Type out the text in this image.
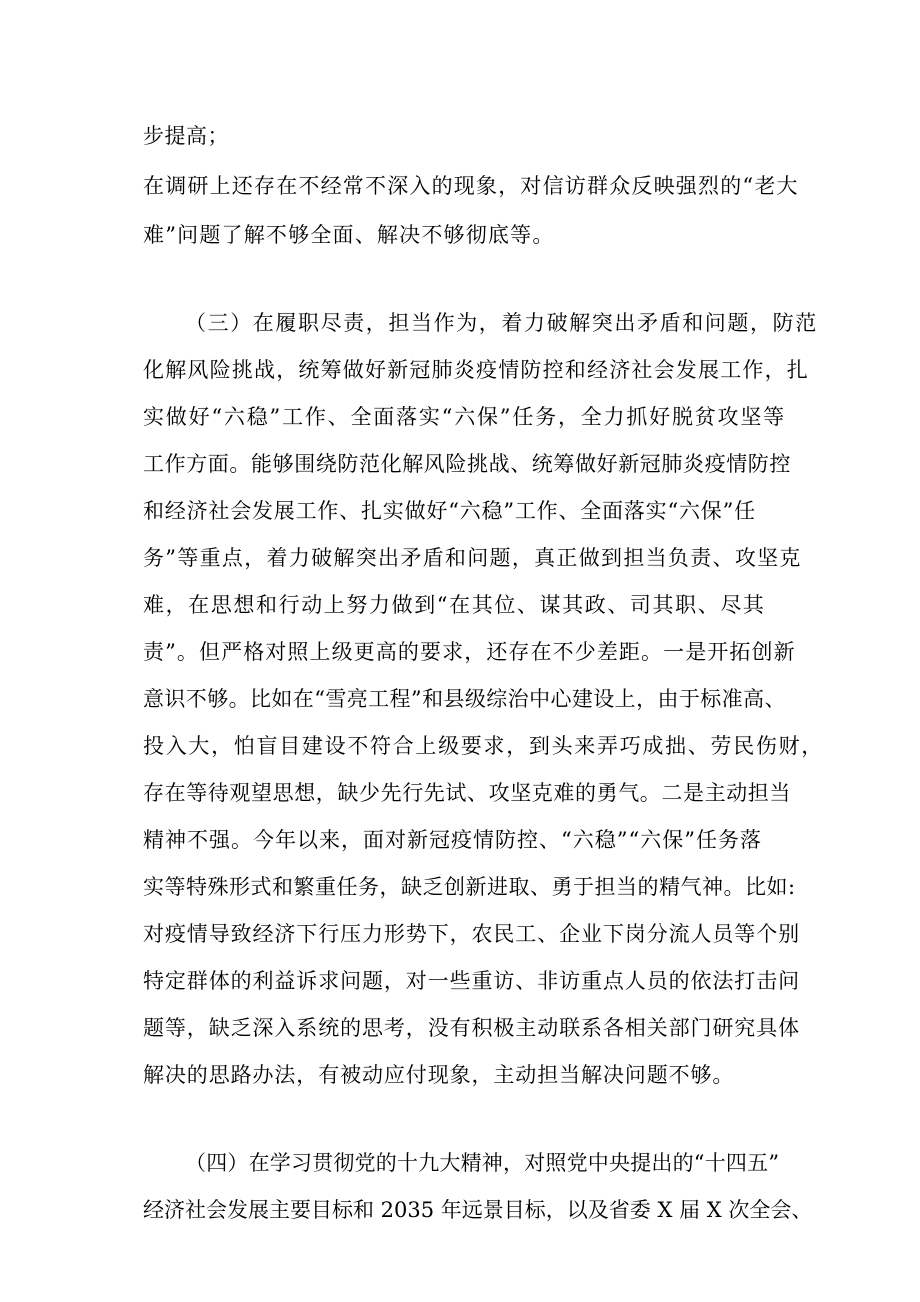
步提高；
在调研上还存在不经常不深入的现象，对信访群众反映强烈的“老大
难”问题了解不够全面、解决不够彻底等。
（三）在履职尽责，担当作为，着力破解突出矛盾和问题，防范
化解风险挑战，统筹做好新冠肺炎疫情防控和经济社会发展工作，扎
实做好“六稳”工作、全面落实“六保”任务，全力抓好脱贫攻坚等
工作方面。能够围绕防范化解风险挑战、统筹做好新冠肺炎疫情防控
和经济社会发展工作、扎实做好“六稳”工作、全面落实“六保”任
务”等重点，着力破解突出矛盾和问题，真正做到担当负责、攻坚克
难，在思想和行动上努力做到“在其位、谋其政、司其职、尽其
责”。但严格对照上级更高的要求，还存在不少差距。一是开拓创新
意识不够。比如在“雪亮工程”和县级综治中心建设上，由于标准高、
投入大，怕盲目建设不符合上级要求，到头来弄巧成拙、劳民伤财，
存在等待观望思想，缺少先行先试、攻坚克难的勇气。二是主动担当
精神不强。今年以来，面对新冠疫情防控、“六稳”“六保”任务落
实等特殊形式和繁重任务，缺乏创新进取、勇于担当的精气神。比如:
对疫情导致经济下行压力形势下，农民工、企业下岗分流人员等个别
特定群体的利益诉求问题，对一些重访、非访重点人员的依法打击问
题等，缺乏深入系统的思考，没有积极主动联系各相关部门研究具体
解决的思路办法，有被动应付现象，主动担当解决问题不够。
（四）在学习贯彻党的十九大精神，对照党中央提出的“十四五”
经济社会发展主要目标和 2035 年远景目标，以及省委 X 届 X 次全会、
